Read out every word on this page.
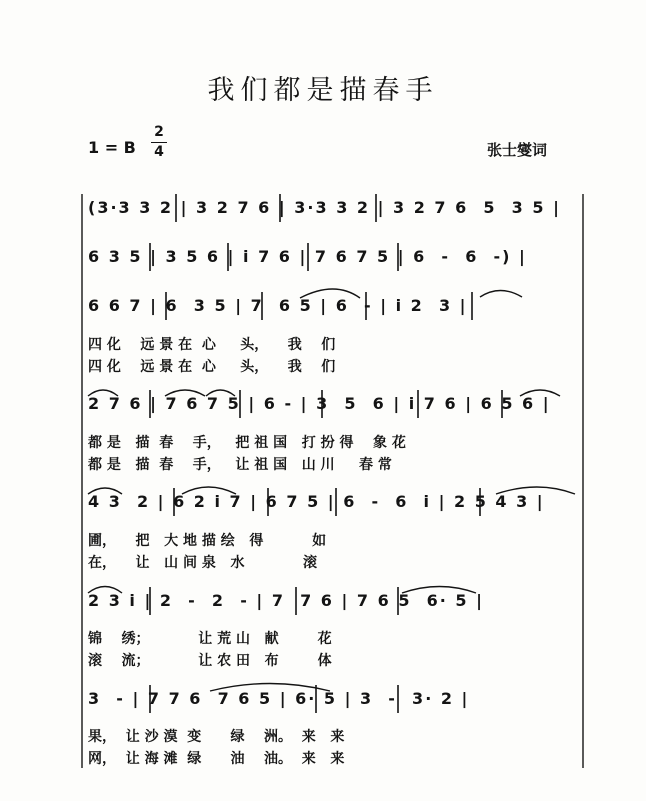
我们都是描春手
1 = B
2
4	张士燮词
(3·3 3 2 | 3 2 7 6 | 3·3 3 2 | 3 2 7 6  5  3 5 |
6 3 5 | 3 5 6 | i 7 6 | 7 6 7 5 | 6  -  6  -) |
6 6 7 | 6  3 5 | 7  6 5 | 6  - | i 2  3 |
四 化    远 景 在  心     头，    我    们
四 化    远 景 在  心     头，    我    们
2 7 6 | 7 6 7 5 | 6 - | 3  5  6 | i 7 6 | 6 5 6 |
都 是   描  春    手，   把 祖 国   打 扮 得    象 花
都 是   描  春    手，   让 祖 国   山 川     春 常
4 3  2 | 6 2 i 7 | 6 7 5 | 6  -  6  i | 2 5 4 3 |
圃，    把   大 地 描 绘   得          如
在，    让   山 间 泉   水            滚
2 3 i | 2  -  2  - | 7  7 6 | 7 6 5  6· 5 |
锦    绣；          让 荒 山   献        花
滚    流；          让 农 田   布        体
3  - | 7 7 6  7 6 5 | 6· 5 | 3  -  3· 2 |
果，  让 沙 漠  变      绿    洲。  来   来
网，  让 海 滩  绿      油    油。  来   来
